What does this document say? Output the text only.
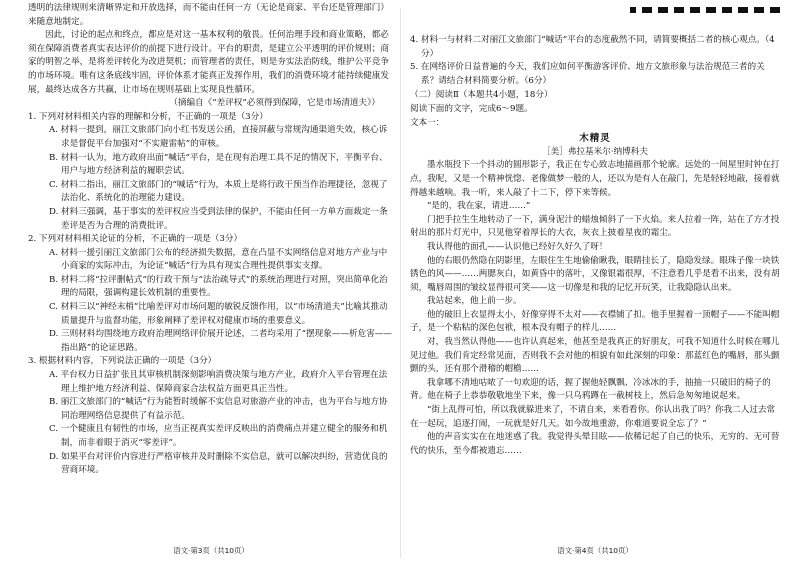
透明的法律规则来清晰界定和开放选择，而不能由任何一方（无论是商家、平台还是管理部门）来随意地制定。

因此，讨论的起点和终点，都应是对这一基本权利的敬畏。任何治理手段和商业策略，都必须在保障消费者真实表达评价的前提下进行设计。平台的职责，是建立公平透明的评价规则；商家的明智之举，是将差评转化为改进契机；而管理者的责任，则是夯实法治防线，维护公平竞争的市场环境。唯有这条底线牢固，评价体系才能真正发挥作用，我们的消费环境才能持续健康发展，最终达成各方共赢，让市场在规则基础上实现良性循环。

（摘编自《“差评权”必须得到保障，它是市场清道夫》）

1. 下列对材料相关内容的理解和分析，不正确的一项是（3分）

A. 材料一提到，丽江文旅部门向小红书发送公函，直接屏蔽与常规沟通渠道失效，核心诉求是督促平台加强对“不实避雷帖”的审核。

B. 材料一认为，地方政府出面“喊话”平台，是在现有治理工具不足的情况下，平衡平台、用户与地方经济利益的履职尝试。

C. 材料二指出，丽江文旅部门的“喊话”行为，本质上是将行政干预当作治理捷径，忽视了法治化、系统化的治理能力建设。

D. 材料三强调，基于事实的差评权应当受到法律的保护，不能由任何一方单方面裁定一条差评是否为合理的消费批评。

2. 下列对材料相关论证的分析，不正确的一项是（3分）

A. 材料一援引丽江文旅部门公布的经济损失数据，意在凸显不实网络信息对地方产业与中小商家的实际冲击，为论证“喊话”行为具有现实合理性提供事实支撑。

B. 材料二将“拉评删帖式”的行政干预与“法治疏导式”的系统治理进行对照，突出简单化治理的局限，强调构建长效机制的重要性。

C. 材料三以“神经末梢”比喻差评对市场问题的敏锐反馈作用，以“市场清道夫”比喻其推动质量提升与监督功能，形象阐释了差评权对健康市场的重要意义。

D. 三则材料均围绕地方政府治理网络评价展开论述，二者均采用了“摆现象——析危害——指出路”的论证思路。

3. 根据材料内容，下列说法正确的一项是（3分）

A. 平台权力日益扩张且其审核机制深刻影响消费决策与地方产业，政府介入平台管理在法理上维护地方经济利益、保障商家合法权益方面更具正当性。

B. 丽江文旅部门的“喊话”行为能暂时缓解不实信息对旅游产业的冲击，也为平台与地方协同治理网络信息提供了有益示范。

C. 一个健康且有韧性的市场，应当正视真实差评反映出的消费痛点并建立健全的服务和机制，而非着眼于消灭“零差评”。

D. 如果平台对评价内容进行严格审核并及时删除不实信息，就可以解决纠纷，营造优良的营商环境。

语文·第3页（共10页）

4. 材料一与材料二对丽江文旅部门“喊话”平台的态度截然不同，请简要概括二者的核心观点。（4分）

5. 在网络评价日益普遍的今天，我们应如何平衡游客评价、地方文旅形象与法治规范三者的关系？请结合材料简要分析。（6分）

（二）阅读Ⅱ（本题共4小题，18分）

阅读下面的文字，完成6～9题。

文本一：

木精灵

［美］弗拉基米尔·纳博科夫

墨水瓶投下一个抖动的圆形影子，我正在专心致志地描画那个轮廓。远处的一间屋里时钟在打点，我呢，又是一个精神恍惚、老像做梦一般的人，还以为是有人在敲门，先是轻轻地敲，接着就得越来越响。我一听，来人敲了十二下，停下来等候。

“是的，我在家，请进……”

门把手拉生生地转动了一下，满身泥汁的蜡烛倾斜了一下火焰。来人拉着一阵，站在了方才投射出的那片灯光中，只见他穿着厚长的大衣，灰衣上披着星夜的霜尘。

我认得他的面孔——认识他已经好久好久了呀！

他的右眼仍然隐在阴影里，左眼住生生地偷偷瞅我，眼睛挂长了，隐隐发绿。眼珠子像一块铁锈色的风——……两腮灰白，如黄昏中的落叶，又像银霜很厚，不注意看几乎是看不出来，没有胡须，嘴唇周围的皱纹显得很可笑——这一切像是和我的记忆开玩笑，让我隐隐认出来。

我站起来，他上前一步。

他的破旧上衣显得太小，好像穿得不太对——衣襟铺了扣。他手里握着一顶帽子——不能叫帽子，是一个粘粘的深色包袱，根本没有帽子的样儿……

对，我当然认得他——也许认真起来，他甚至是我真正的好朋友，可我不知道什么时候在哪儿见过他。我们肯定经常见面，否则我不会对他的相貌有如此深刻的印象：那蓝红色的嘴唇，那头颤颤的头，还有那个滑稽的帽檐……

我拿哪不清地咕哝了一句欢迎的话，握了握他轻飘飘、冷冰冰的手，抽抽一只破旧的椅子的背。他在椅子上恭恭敬敬地坐下来，像一只乌鸦蹲在一截树枝上，然后急匆匆地说起来。

“街上乱得可怕，所以我就躲进来了，不请自来，来看看你。你认出我了吗？你我二人过去常在一起玩，追逐打闹，一玩就是好几天。如今故地重游，你难道要说全忘了？”

他的声音实实在在地迷惑了我。我觉得头晕目眩——依稀记起了自己的快乐，无穷的、无可替代的快乐，至今都被遗忘……

语文·第4页（共10页）
